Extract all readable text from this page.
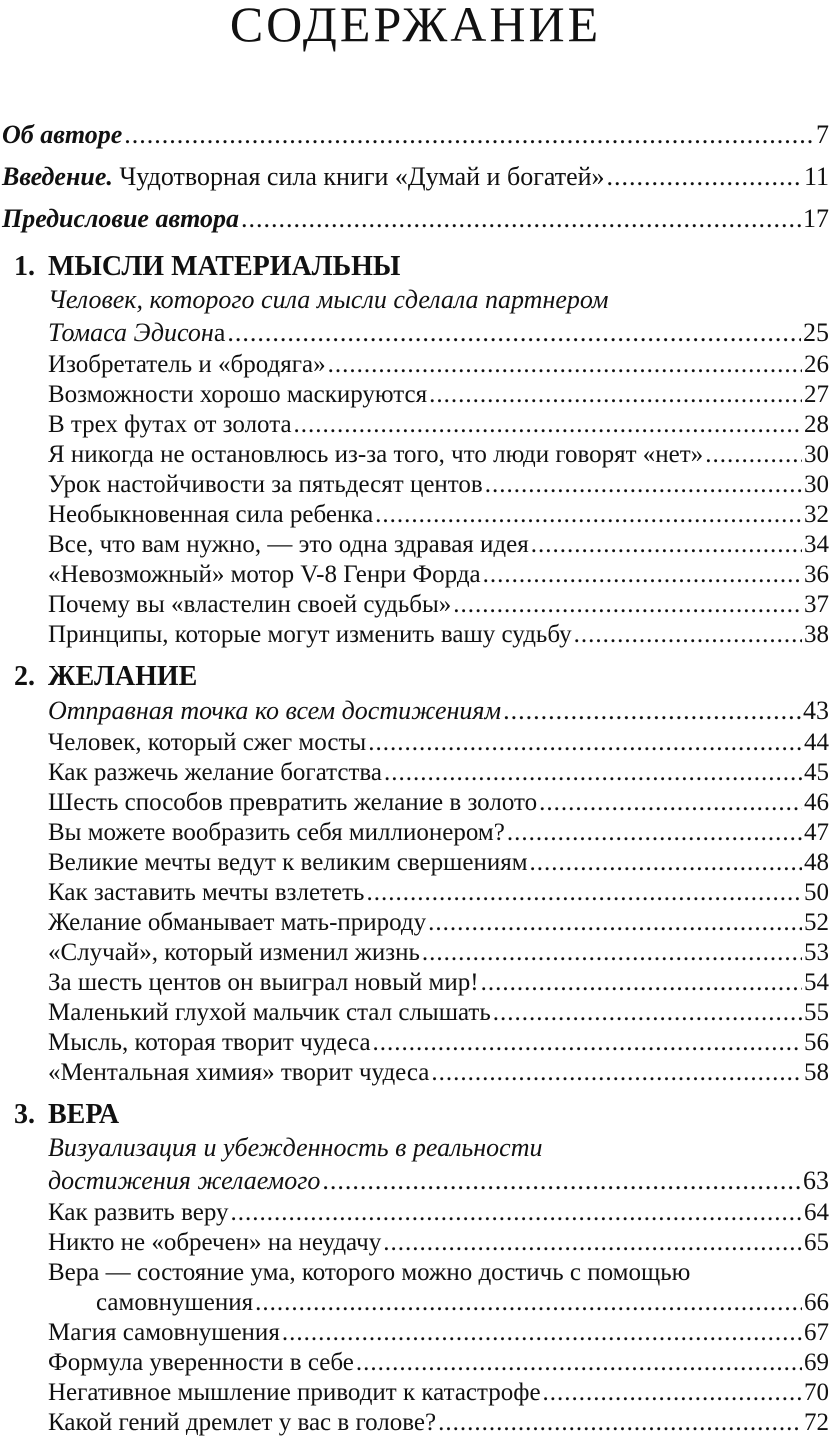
СОДЕРЖАНИЕ
Об авторе .....	7
Введение. Чудотворная сила книги «Думай и богатей» .....	11
Предисловие автора .....	17
1. МЫСЛИ МАТЕРИАЛЬНЫ
Человек, которого сила мысли сделала партнером
Томаса Эдисона .....	25
Изобретатель и «бродяга» .....	26
Возможности хорошо маскируются .....	27
В трех футах от золота .....	28
Я никогда не остановлюсь из-за того, что люди говорят «нет» .....	30
Урок настойчивости за пятьдесят центов .....	30
Необыкновенная сила ребенка .....	32
Все, что вам нужно, — это одна здравая идея .....	34
«Невозможный» мотор V-8 Генри Форда .....	36
Почему вы «властелин своей судьбы» .....	37
Принципы, которые могут изменить вашу судьбу .....	38
2. ЖЕЛАНИЕ
Отправная точка ко всем достижениям .....	43
Человек, который сжег мосты .....	44
Как разжечь желание богатства .....	45
Шесть способов превратить желание в золото .....	46
Вы можете вообразить себя миллионером? .....	47
Великие мечты ведут к великим свершениям .....	48
Как заставить мечты взлететь .....	50
Желание обманывает мать-природу .....	52
«Случай», который изменил жизнь .....	53
За шесть центов он выиграл новый мир! .....	54
Маленький глухой мальчик стал слышать .....	55
Мысль, которая творит чудеса .....	56
«Ментальная химия» творит чудеса .....	58
3. ВЕРА
Визуализация и убежденность в реальности
достижения желаемого .....	63
Как развить веру .....	64
Никто не «обречен» на неудачу .....	65
Вера — состояние ума, которого можно достичь с помощью
самовнушения .....	66
Магия самовнушения .....	67
Формула уверенности в себе .....	69
Негативное мышление приводит к катастрофе .....	70
Какой гений дремлет у вас в голове? .....	72
